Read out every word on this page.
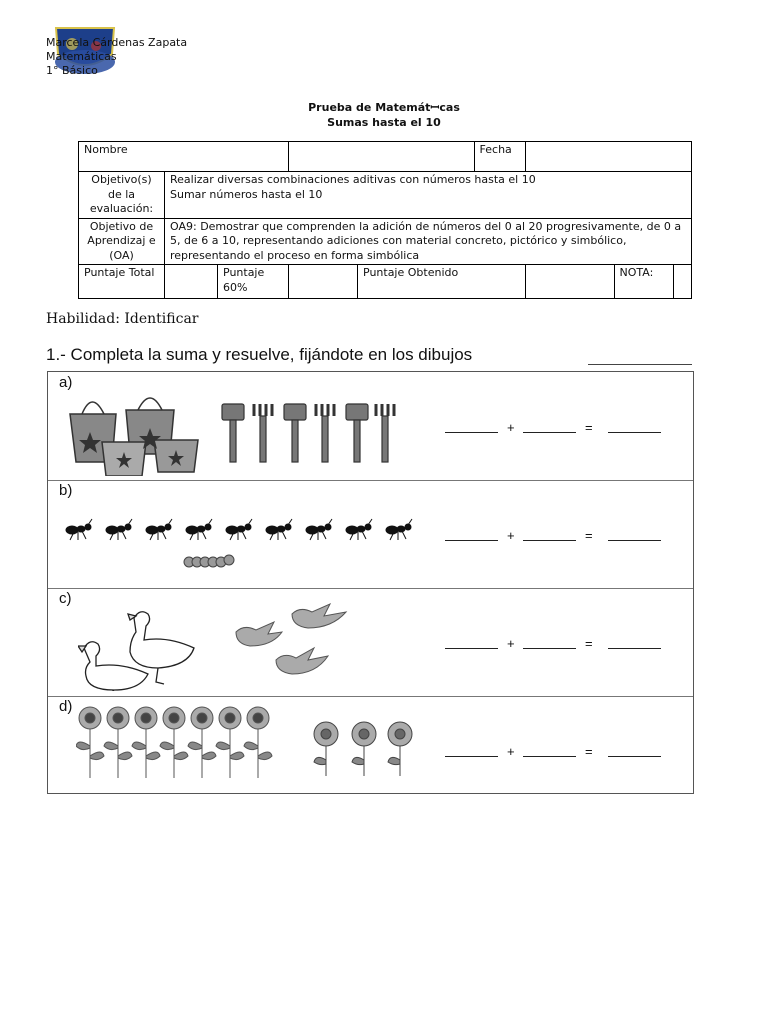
Marcela Cárdenas Zapata
Matemáticas
1° Básico
Prueba de Matemátꟷcas
Sumas hasta el 10
Nombre					Fecha			
Objetivo(s) de la evaluación:	Realizar diversas combinaciones aditivas con números hasta el 10
Sumar números hasta el 10							

Objetivo de Aprendizaj e (OA)	OA9: Demostrar que comprenden la adición de números del 0 al 20 progresivamente, de 0 a 5, de 6 a 10, representando adiciones con material concreto, pictórico y simbólico, representando el proceso en forma simbólica							
Puntaje Total		Puntaje 60%		Puntaje Obtenido			NOTA:	
Habilidad: Identificar
1.- Completa la suma y resuelve, fijándote en los dibujos
a)
+	=
b)
+	=
c)
+	=
d)
+	=
